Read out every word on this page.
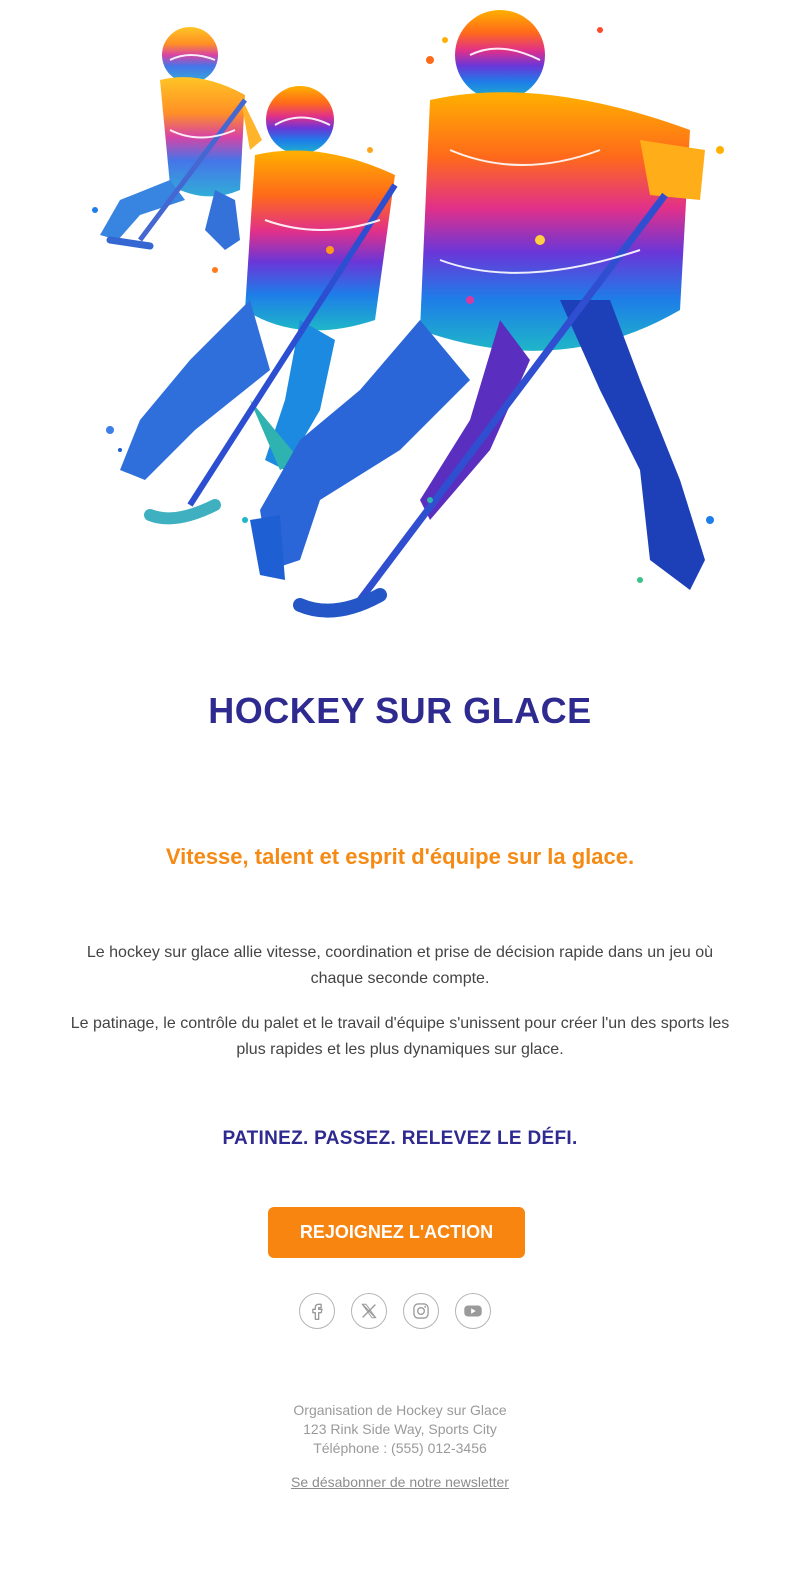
HOCKEY SUR GLACE
Vitesse, talent et esprit d'équipe sur la glace.

Le hockey sur glace allie vitesse, coordination et prise de décision rapide dans un jeu où chaque seconde compte.

Le patinage, le contrôle du palet et le travail d'équipe s'unissent pour créer l'un des sports les plus rapides et les plus dynamiques sur glace.

PATINEZ. PASSEZ. RELEVEZ LE DÉFI.
REJOIGNEZ L'ACTION
Organisation de Hockey sur Glace
123 Rink Side Way, Sports City
Téléphone : (555) 012-3456
Se désabonner de notre newsletter
